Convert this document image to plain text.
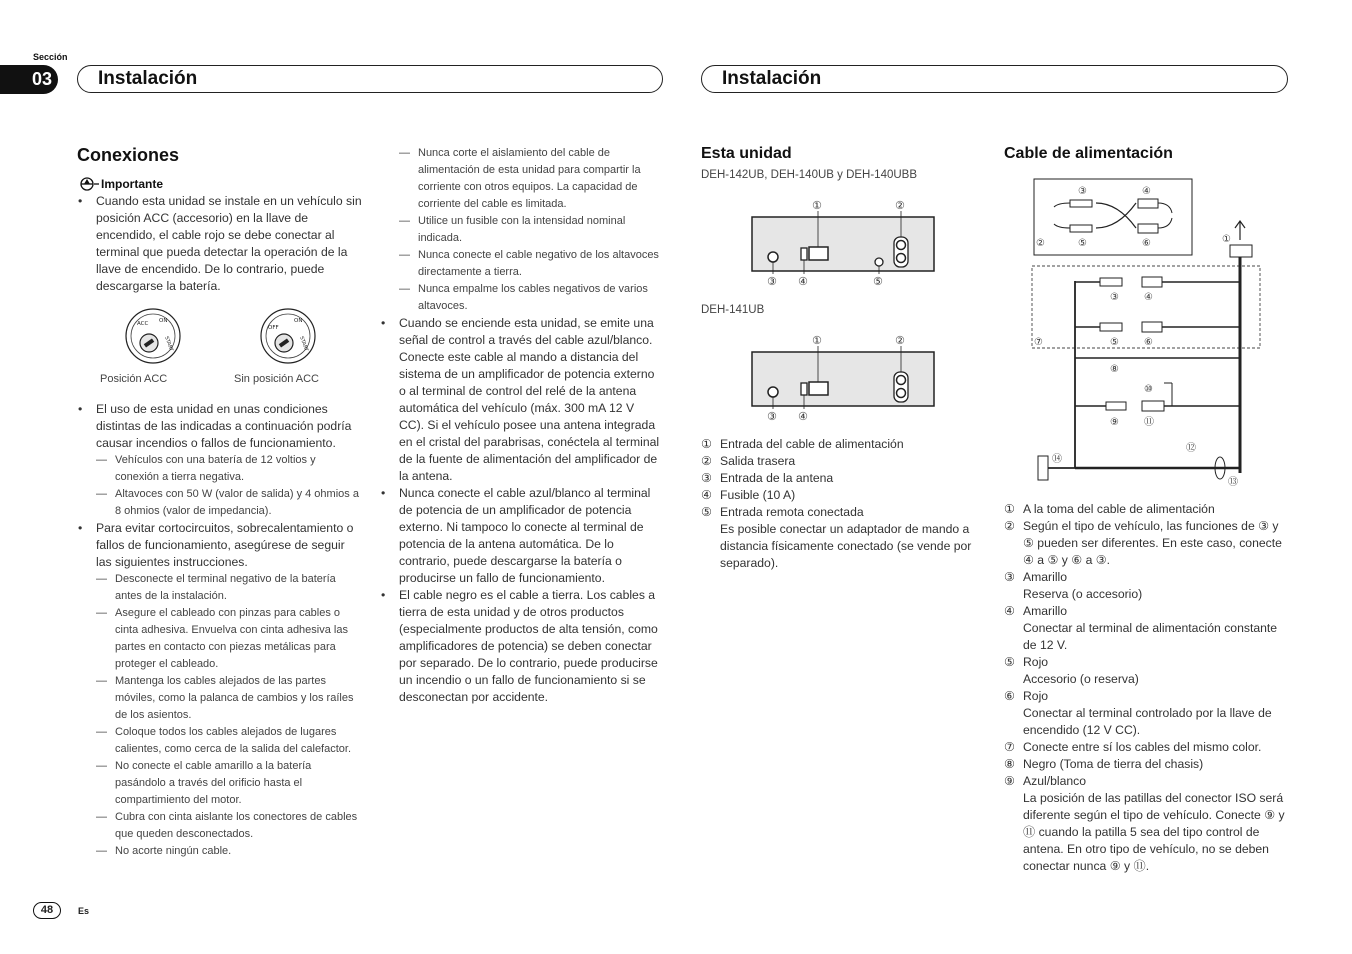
Sección
03	Instalación	Instalación
Conexiones
Importante
• Cuando esta unidad se instale en un vehículo sin posición ACC (accesorio) en la llave de encendido, el cable rojo se debe conectar al terminal que pueda detectar la operación de la llave de encendido. De lo contrario, puede descargarse la batería.
ACC ON
START
OFF
ON
START
Posición ACC	Sin posición ACC
• El uso de esta unidad en unas condiciones distintas de las indicadas a continuación podría causar incendios o fallos de funcionamiento.
— Vehículos con una batería de 12 voltios y conexión a tierra negativa.
— Altavoces con 50 W (valor de salida) y 4 ohmios a 8 ohmios (valor de impedancia).
• Para evitar cortocircuitos, sobrecalentamiento o fallos de funcionamiento, asegúrese de seguir las siguientes instrucciones.
— Desconecte el terminal negativo de la batería antes de la instalación.
— Asegure el cableado con pinzas para cables o cinta adhesiva. Envuelva con cinta adhesiva las partes en contacto con piezas metálicas para proteger el cableado.
— Mantenga los cables alejados de las partes móviles, como la palanca de cambios y los raíles de los asientos.
— Coloque todos los cables alejados de lugares calientes, como cerca de la salida del calefactor.
— No conecte el cable amarillo a la batería pasándolo a través del orificio hasta el compartimiento del motor.
— Cubra con cinta aislante los conectores de cables que queden desconectados.
— No acorte ningún cable.
— Nunca corte el aislamiento del cable de alimentación de esta unidad para compartir la corriente con otros equipos. La capacidad de corriente del cable es limitada.
— Utilice un fusible con la intensidad nominal indicada.
— Nunca conecte el cable negativo de los altavoces directamente a tierra.
— Nunca empalme los cables negativos de varios altavoces.
• Cuando se enciende esta unidad, se emite una señal de control a través del cable azul/blanco. Conecte este cable al mando a distancia del sistema de un amplificador de potencia externo o al terminal de control del relé de la antena automática del vehículo (máx. 300 mA 12 V CC). Si el vehículo posee una antena integrada en el cristal del parabrisas, conéctela al terminal de la fuente de alimentación del amplificador de la antena.
• Nunca conecte el cable azul/blanco al terminal de potencia de un amplificador de potencia externo. Ni tampoco lo conecte al terminal de potencia de la antena automática. De lo contrario, puede descargarse la batería o producirse un fallo de funcionamiento.
• El cable negro es el cable a tierra. Los cables a tierra de esta unidad y de otros productos (especialmente productos de alta tensión, como amplificadores de potencia) se deben conectar por separado. De lo contrario, puede producirse un incendio o un fallo de funcionamiento si se desconectan por accidente.
Esta unidad
DEH-142UB, DEH-140UB y DEH-140UBB
①	②
③ ④	⑤
DEH-141UB
①	②
③ ④
① Entrada del cable de alimentación
② Salida trasera
③ Entrada de la antena
④ Fusible (10 A)
⑤ Entrada remota conectada
Es posible conectar un adaptador de mando a distancia físicamente conectado (se vende por separado).
Cable de alimentación
③	④
②	⑤	⑥	①
⑦
③	④
⑤	⑥
⑧
⑩
⑨	⑪
⑫
⑬
⑭
① A la toma del cable de alimentación
② Según el tipo de vehículo, las funciones de ③ y ⑤ pueden ser diferentes. En este caso, conecte ④ a ⑤ y ⑥ a ③.
③ Amarillo
Reserva (o accesorio)
④ Amarillo
Conectar al terminal de alimentación constante de 12 V.
⑤ Rojo
Accesorio (o reserva)
⑥ Rojo
Conectar al terminal controlado por la llave de encendido (12 V CC).
⑦ Conecte entre sí los cables del mismo color.
⑧ Negro (Toma de tierra del chasis)
⑨ Azul/blanco
La posición de las patillas del conector ISO será diferente según el tipo de vehículo. Conecte ⑨ y ⑪ cuando la patilla 5 sea del tipo control de antena. En otro tipo de vehículo, no se deben conectar nunca ⑨ y ⑪.
48	Es
